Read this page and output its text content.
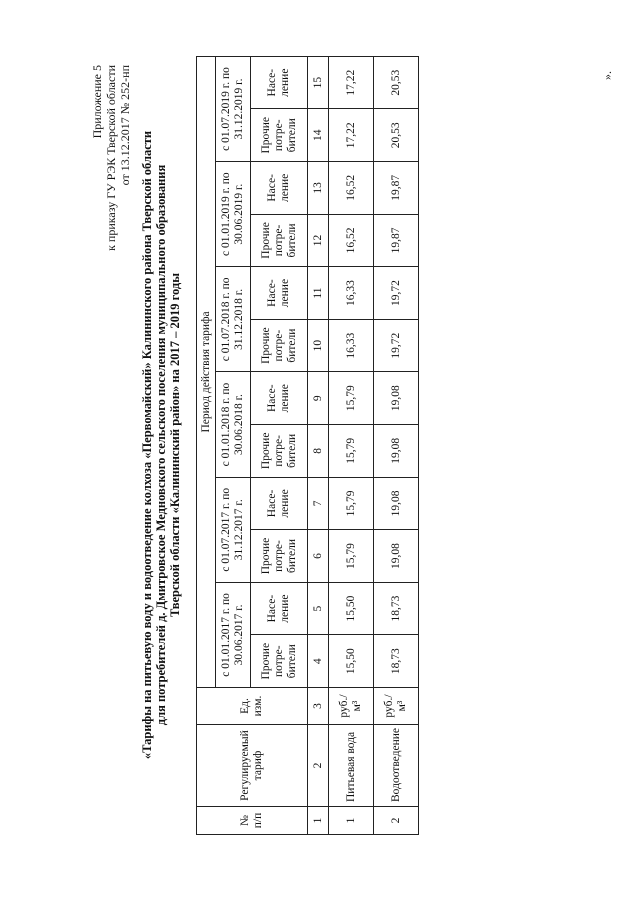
Приложение 5 к приказу ГУ РЭК Тверской области от 13.12.2017 № 252-нп
«Тарифы на питьевую воду и водоотведение колхоза «Первомайский» Калининского района Тверской области для потребителей д. Дмитровское Медновского сельского поселения муниципального образования Тверской области «Калининский район» на 2017 – 2019 годы
№ п/п	Регулируемый тариф	Ед. изм.	Период действия тарифа											
			с 01.01.2017 г. по 30.06.2017 г.		с 01.07.2017 г. по 31.12.2017 г.		с 01.01.2018 г. по 30.06.2018 г.		с 01.07.2018 г. по 31.12.2018 г.		с 01.01.2019 г. по 30.06.2019 г.		с 01.07.2019 г. по 31.12.2019 г.	
			Прочие потре-бители	Насе-ление	Прочие потре-бители	Насе-ление	Прочие потре-бители	Насе-ление	Прочие потре-бители	Насе-ление	Прочие потре-бители	Насе-ление	Прочие потре-бители	Насе-ление
1	2	3	4	5	6	7	8	9	10	11	12	13	14	15
1	Питьевая вода	руб./м³	15,50	15,50	15,79	15,79	15,79	15,79	16,33	16,33	16,52	16,52	17,22	17,22
2	Водоотведение	руб./м³	18,73	18,73	19,08	19,08	19,08	19,08	19,72	19,72	19,87	19,87	20,53	20,53	».
